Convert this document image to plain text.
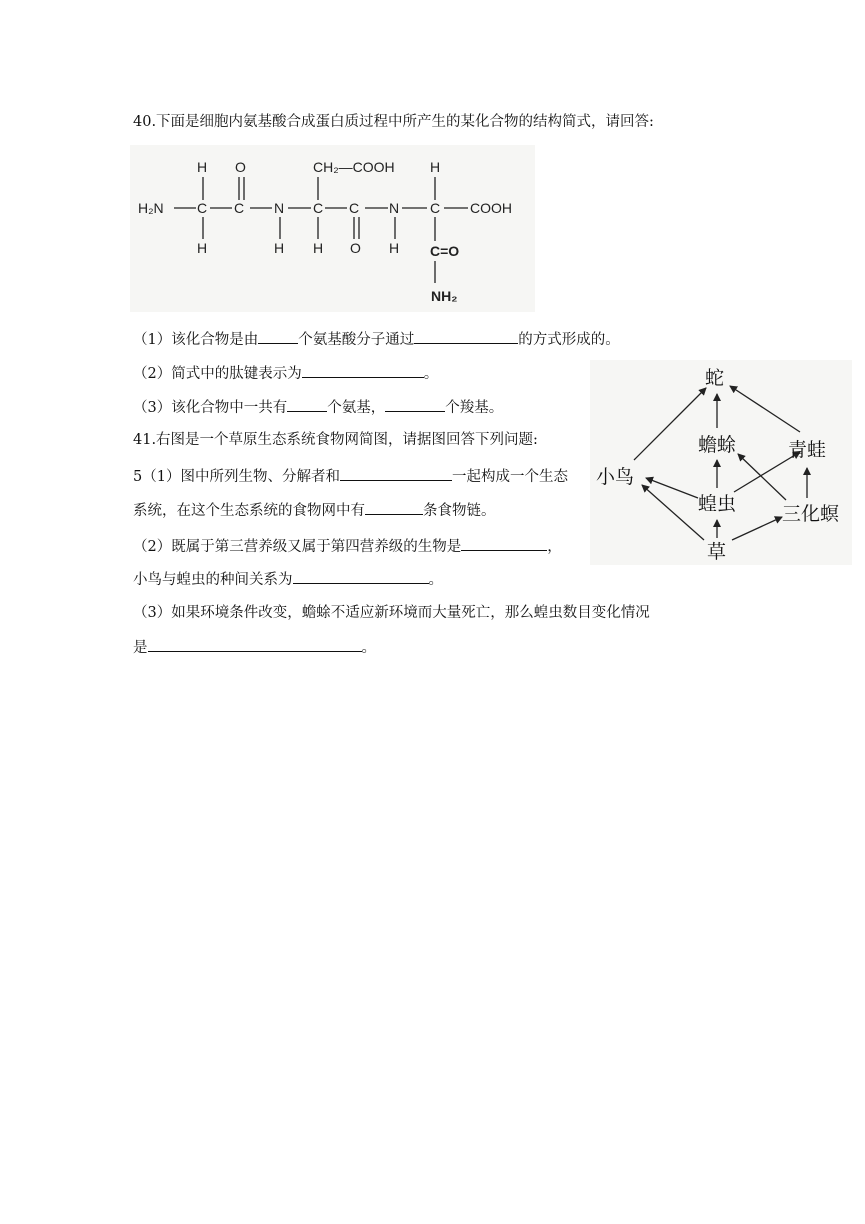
40.下面是细胞内氨基酸合成蛋白质过程中所产生的某化合物的结构简式，请回答:
H₂N C
H
H
C
O
N
H
C
CH₂—COOH
H
C
O
N
H
C
H
COOH
C=O
NH₂
（1）该化合物是由	个氨基酸分子通过	的方式形成的。
（2）简式中的肽键表示为	。
（3）该化合物中一共有	个氨基，	个羧基。
41.右图是一个草原生态系统食物网简图，请据图回答下列问题:
5（1）图中所列生物、分解者和	一起构成一个生态
系统，在这个生态系统的食物网中有	条食物链。
（2）既属于第三营养级又属于第四营养级的生物是	，
小鸟与蝗虫的种间关系为	。
（3）如果环境条件改变，蟾蜍不适应新环境而大量死亡，那么蝗虫数目变化情况
是	。
蛇
蟾蜍	青蛙
小鸟
蝗虫 三化螟
草
